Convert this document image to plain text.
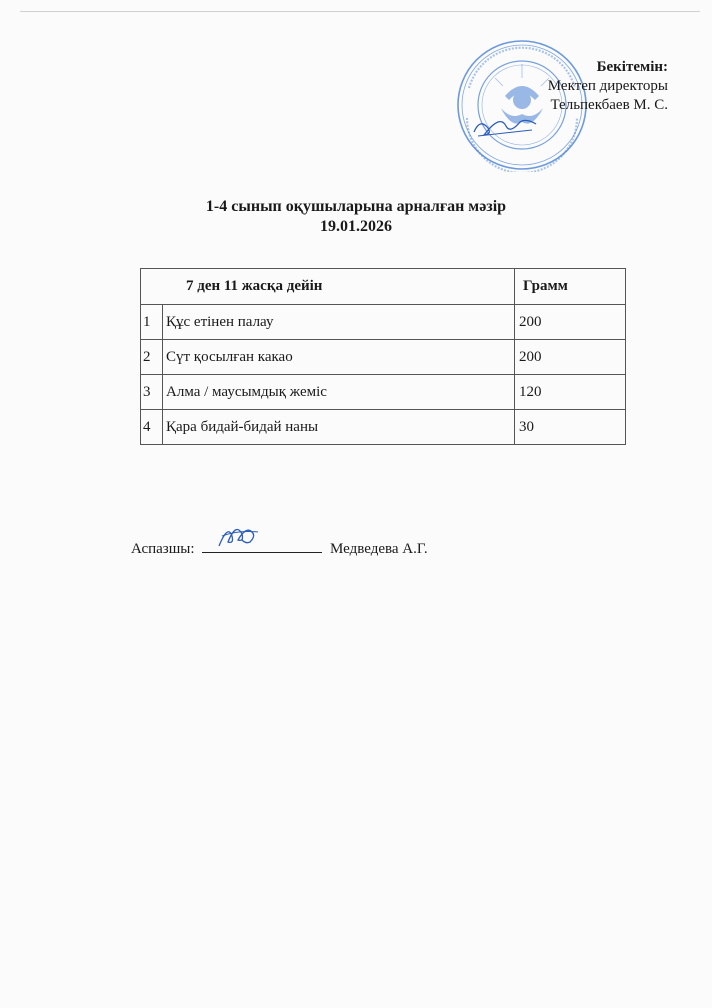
Бекітемін:
Мектеп директоры
Тельпекбаев М. С.
1-4 сынып оқушыларына арналған мәзір
19.01.2026
7 ден 11 жасқа дейін		Грамм
1	Құс етінен палау	200
2	Сүт қосылған какао	200
3	Алма / маусымдық жеміс	120
4	Қара бидай-бидай наны	30
Аспазшы:	Медведева А.Г.
